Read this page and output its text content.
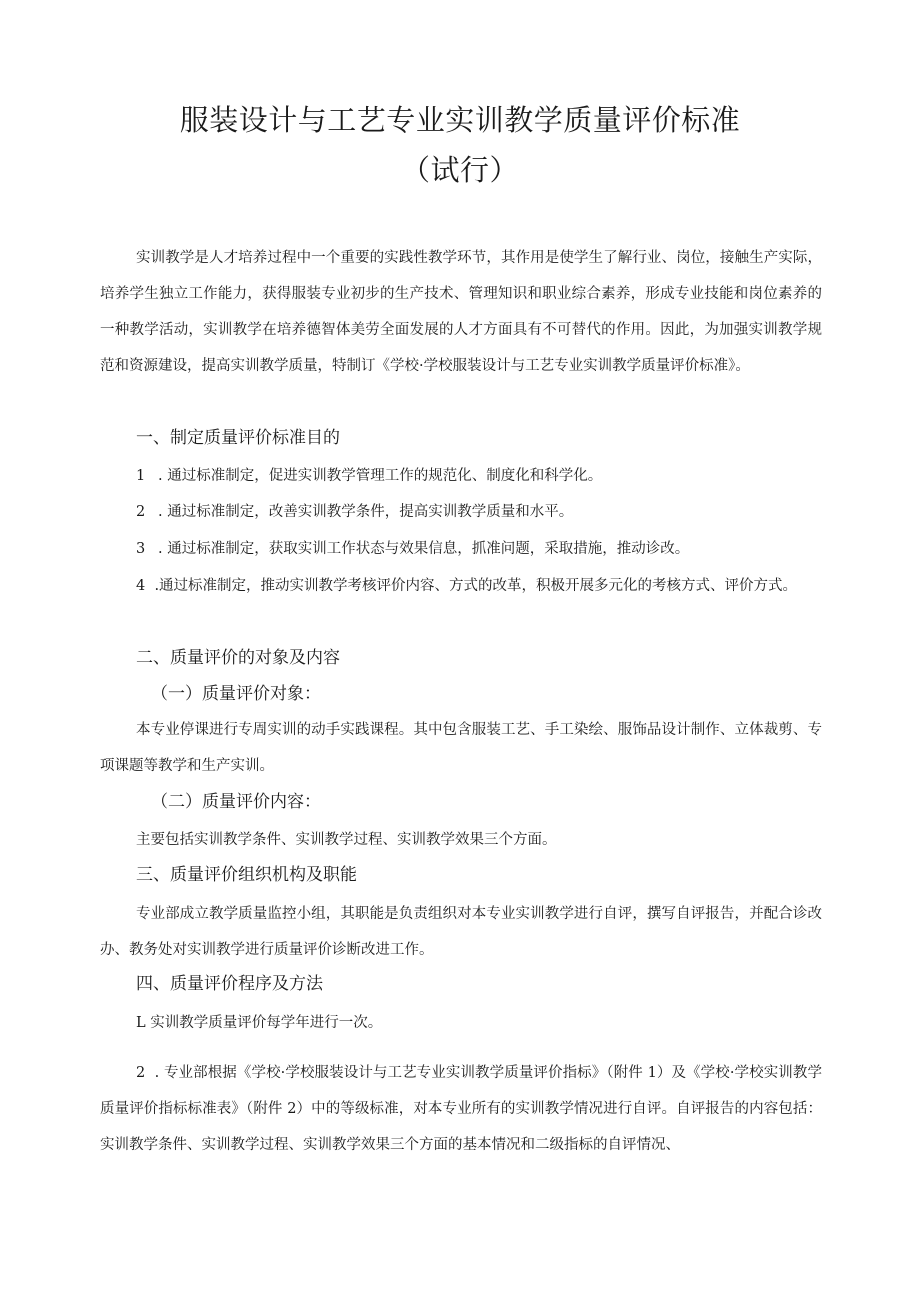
服装设计与工艺专业实训教学质量评价标准
（试行）
实训教学是人才培养过程中一个重要的实践性教学环节，其作用是使学生了解行业、岗位，接触生产实际，培养学生独立工作能力，获得服装专业初步的生产技术、管理知识和职业综合素养，形成专业技能和岗位素养的一种教学活动，实训教学在培养德智体美劳全面发展的人才方面具有不可替代的作用。因此，为加强实训教学规范和资源建设，提高实训教学质量，特制订《学校·学校服装设计与工艺专业实训教学质量评价标准》。
一、制定质量评价标准目的
1 . 通过标准制定，促进实训教学管理工作的规范化、制度化和科学化。
2 . 通过标准制定，改善实训教学条件，提高实训教学质量和水平。
3 . 通过标准制定，获取实训工作状态与效果信息，抓准问题，采取措施，推动诊改。
4 .通过标准制定，推动实训教学考核评价内容、方式的改革，积极开展多元化的考核方式、评价方式。
二、质量评价的对象及内容
（一）质量评价对象：
本专业停课进行专周实训的动手实践课程。其中包含服装工艺、手工染绘、服饰品设计制作、立体裁剪、专项课题等教学和生产实训。
（二）质量评价内容：
主要包括实训教学条件、实训教学过程、实训教学效果三个方面。
三、质量评价组织机构及职能
专业部成立教学质量监控小组，其职能是负责组织对本专业实训教学进行自评，撰写自评报告，并配合诊改办、教务处对实训教学进行质量评价诊断改进工作。
四、质量评价程序及方法
L 实训教学质量评价每学年进行一次。
2 . 专业部根据《学校·学校服装设计与工艺专业实训教学质量评价指标》（附件 1）及《学校·学校实训教学质量评价指标标准表》（附件 2）中的等级标准，对本专业所有的实训教学情况进行自评。自评报告的内容包括：实训教学条件、实训教学过程、实训教学效果三个方面的基本情况和二级指标的自评情况、
